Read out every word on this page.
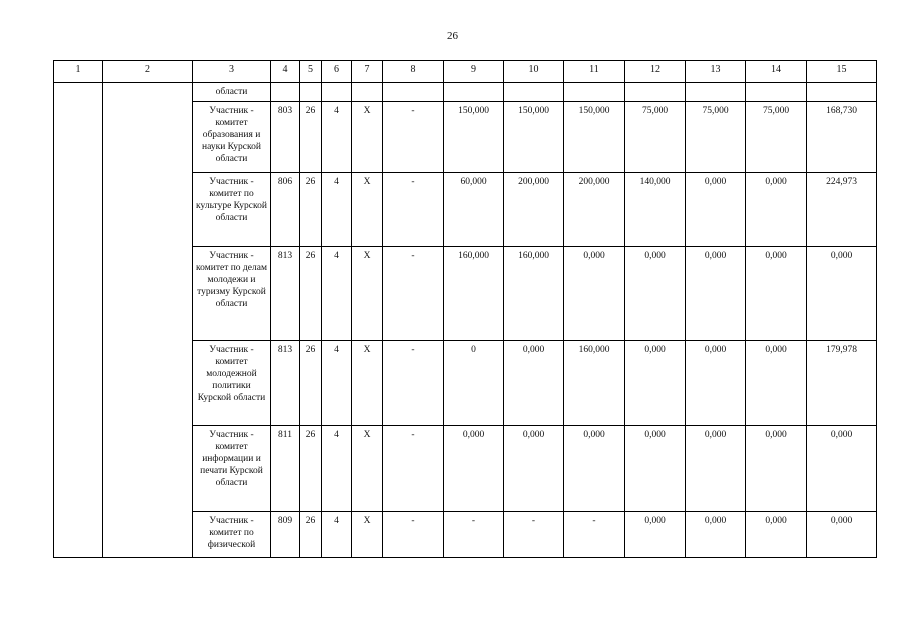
26
1	2	3	4	5	6	7	8	9	10	11	12	13	14	15
		области												
		Участник - комитет образования и науки Курской области	803	26	4	X	-	150,000	150,000	150,000	75,000	75,000	75,000	168,730
		Участник - комитет по культуре Курской области	806	26	4	X	-	60,000	200,000	200,000	140,000	0,000	0,000	224,973
		Участник - комитет по делам молодежи и туризму Курской области	813	26	4	X	-	160,000	160,000	0,000	0,000	0,000	0,000	0,000
		Участник - комитет молодежной политики Курской области	813	26	4	X	-	0	0,000	160,000	0,000	0,000	0,000	179,978
		Участник - комитет информации и печати Курской области	811	26	4	X	-	0,000	0,000	0,000	0,000	0,000	0,000	0,000
		Участник - комитет по физической	809	26	4	X	-	-	-	-	0,000	0,000	0,000	0,000
